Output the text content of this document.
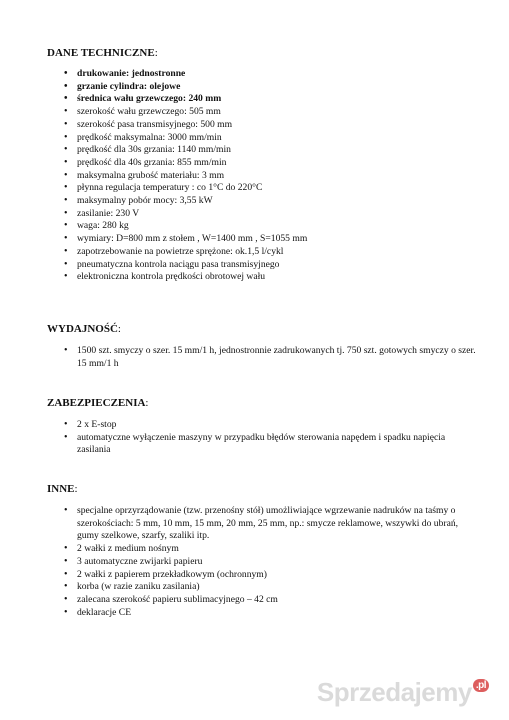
DANE TECHNICZNE:

• drukowanie: jednostronne
• grzanie cylindra: olejowe
• średnica wału grzewczego: 240 mm
• szerokość wału grzewczego: 505 mm
• szerokość pasa transmisyjnego: 500 mm
• prędkość maksymalna: 3000 mm/min
• prędkość dla 30s grzania: 1140 mm/min
• prędkość dla 40s grzania: 855 mm/min
• maksymalna grubość materiału: 3 mm
• płynna regulacja temperatury : co 1°C do 220°C
• maksymalny pobór mocy: 3,55 kW
• zasilanie: 230 V
• waga: 280 kg
• wymiary: D=800 mm z stołem , W=1400 mm , S=1055 mm
• zapotrzebowanie na powietrze sprężone: ok.1,5 l/cykl
• pneumatyczna kontrola naciągu pasa transmisyjnego
• elektroniczna kontrola prędkości obrotowej wału

WYDAJNOŚĆ:

• 1500 szt. smyczy o szer. 15 mm/1 h, jednostronnie zadrukowanych tj. 750 szt. gotowych smyczy o szer. 15 mm/1 h

ZABEZPIECZENIA:

• 2 x E-stop
• automatyczne wyłączenie maszyny w przypadku błędów sterowania napędem i spadku napięcia zasilania

INNE:

• specjalne oprzyrządowanie (tzw. przenośny stół) umożliwiające wgrzewanie nadruków na taśmy o szerokościach: 5 mm, 10 mm, 15 mm, 20 mm, 25 mm, np.: smycze reklamowe, wszywki do ubrań, gumy szelkowe, szarfy, szaliki itp.
• 2 wałki z medium nośnym
• 3 automatyczne zwijarki papieru
• 2 wałki z papierem przekładkowym (ochronnym)
• korba (w razie zaniku zasilania)
• zalecana szerokość papieru sublimacyjnego – 42 cm
• deklaracje CE
Sprzedajemy .pl
